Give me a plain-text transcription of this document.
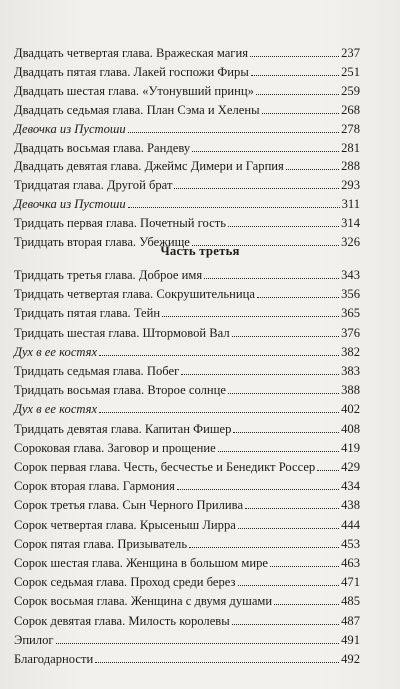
Двадцать четвертая глава. Вражеская магия	237
Двадцать пятая глава. Лакей госпожи Фиры	251
Двадцать шестая глава. «Утонувший принц»	259
Двадцать седьмая глава. План Сэма и Хелены	268
Девочка из Пустоши	278
Двадцать восьмая глава. Рандеву	281
Двадцать девятая глава. Джеймс Димери и Гарпия	288
Тридцатая глава. Другой брат	293
Девочка из Пустоши	311
Тридцать первая глава. Почетный гость	314
Тридцать вторая глава. Убежище	326
Тридцать третья глава. Доброе имя	343
Тридцать четвертая глава. Сокрушительница	356
Тридцать пятая глава. Тейн	365
Тридцать шестая глава. Штормовой Вал	376
Дух в ее костях	382
Тридцать седьмая глава. Побег	383
Тридцать восьмая глава. Второе солнце	388
Дух в ее костях	402
Тридцать девятая глава. Капитан Фишер	408
Сороковая глава. Заговор и прощение	419
Сорок первая глава. Честь, бесчестье и Бенедикт Россер 429
Сорок вторая глава. Гармония	434
Сорок третья глава. Сын Черного Прилива	438
Сорок четвертая глава. Крысеныш Лирра	444
Сорок пятая глава. Призыватель	453
Сорок шестая глава. Женщина в большом мире	463
Сорок седьмая глава. Проход среди берез	471
Сорок восьмая глава. Женщина с двумя душами	485
Сорок девятая глава. Милость королевы	487
Эпилог	491
Благодарности	492
Часть третья
